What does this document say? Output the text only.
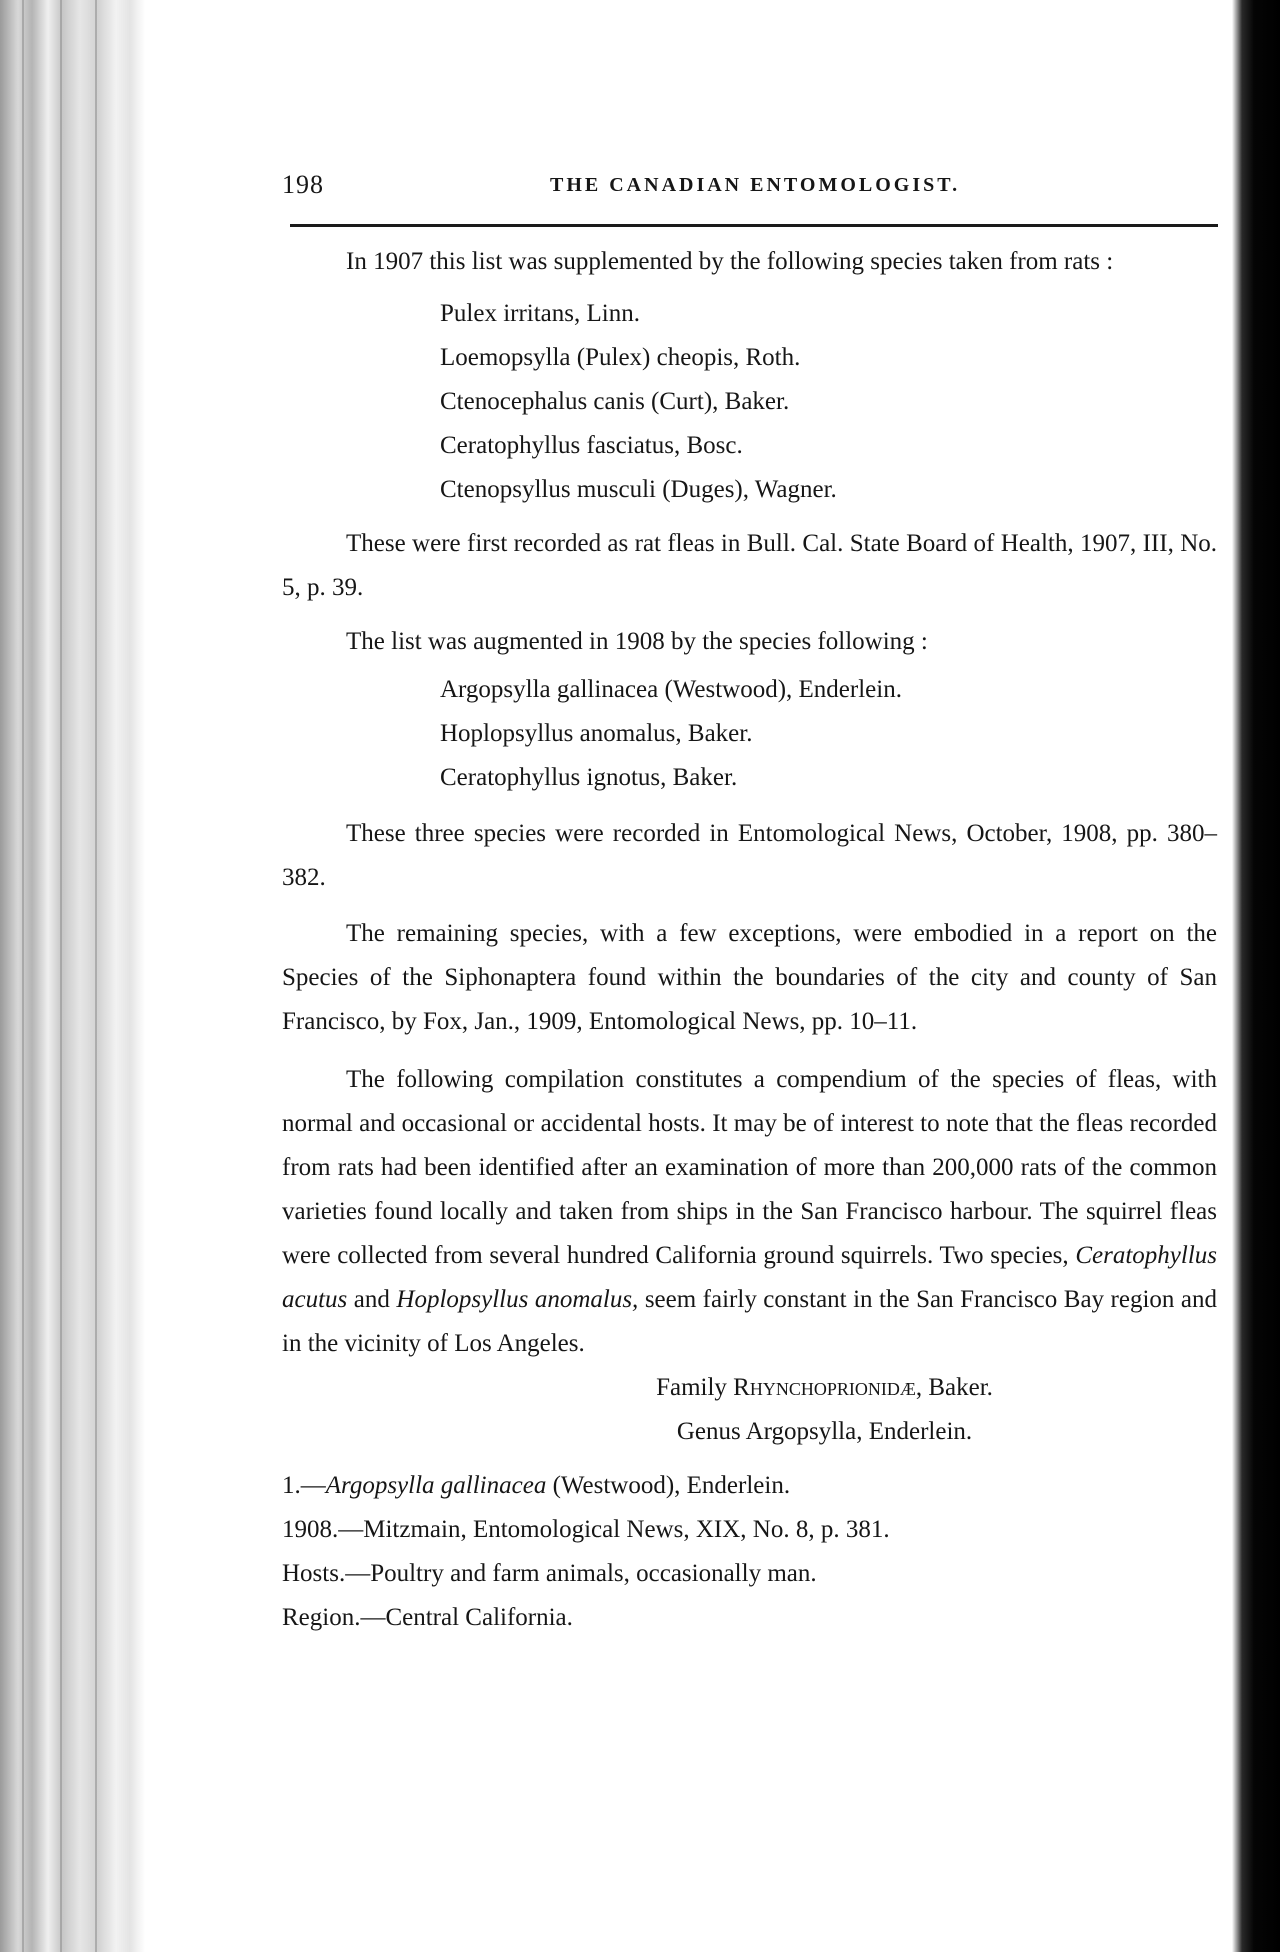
198	THE CANADIAN ENTOMOLOGIST.

In 1907 this list was supplemented by the following species taken from rats :

Pulex irritans, Linn.
Loemopsylla (Pulex) cheopis, Roth.
Ctenocephalus canis (Curt), Baker.
Ceratophyllus fasciatus, Bosc.
Ctenopsyllus musculi (Duges), Wagner.

These were first recorded as rat fleas in Bull. Cal. State Board of Health, 1907, III, No. 5, p. 39.

The list was augmented in 1908 by the species following :

Argopsylla gallinacea (Westwood), Enderlein.
Hoplopsyllus anomalus, Baker.
Ceratophyllus ignotus, Baker.

These three species were recorded in Entomological News, October, 1908, pp. 380–382.

The remaining species, with a few exceptions, were embodied in a report on the Species of the Siphonaptera found within the boundaries of the city and county of San Francisco, by Fox, Jan., 1909, Entomological News, pp. 10–11.

The following compilation constitutes a compendium of the species of fleas, with normal and occasional or accidental hosts. It may be of interest to note that the fleas recorded from rats had been identified after an examination of more than 200,000 rats of the common varieties found locally and taken from ships in the San Francisco harbour. The squirrel fleas were collected from several hundred California ground squirrels. Two species, Ceratophyllus acutus and Hoplopsyllus anomalus, seem fairly constant in the San Francisco Bay region and in the vicinity of Los Angeles.

Family Rhynchoprionidæ, Baker.

Genus Argopsylla, Enderlein.

1.—Argopsylla gallinacea (Westwood), Enderlein.

1908.—Mitzmain, Entomological News, XIX, No. 8, p. 381.

Hosts.—Poultry and farm animals, occasionally man.

Region.—Central California.
